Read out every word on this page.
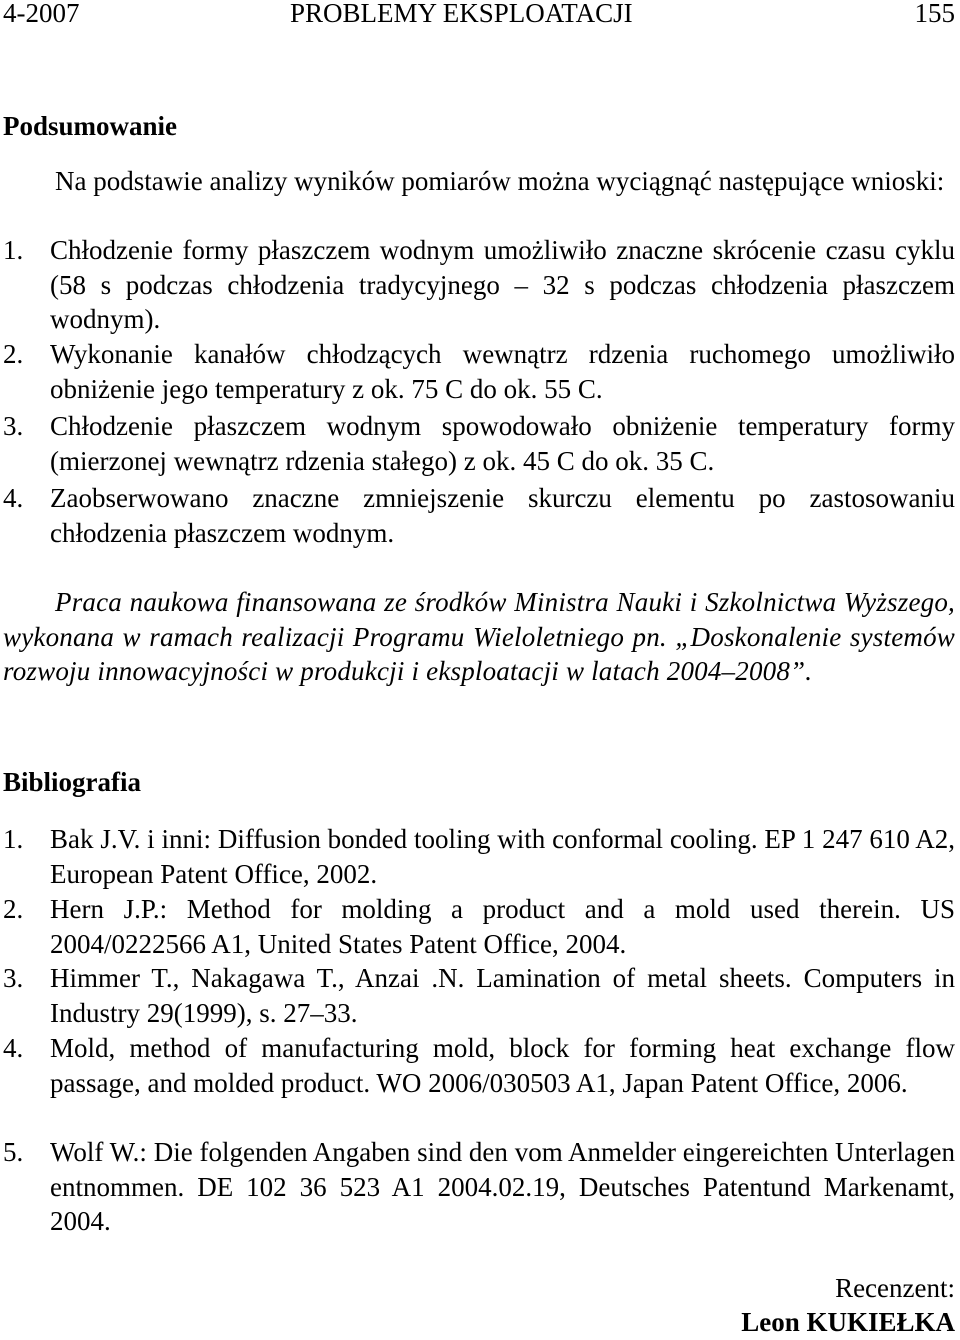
4-2007	PROBLEMY EKSPLOATACJI	155
Podsumowanie

Na podstawie analizy wyników pomiarów można wyciągnąć następujące wnioski:

1. Chłodzenie formy płaszczem wodnym umożliwiło znaczne skrócenie czasu cyklu (58 s podczas chłodzenia tradycyjnego – 32 s podczas chłodzenia płaszczem wodnym).
2. Wykonanie kanałów chłodzących wewnątrz rdzenia ruchomego umożliwiło obniżenie jego temperatury z ok. 75 C do ok. 55 C.
3. Chłodzenie płaszczem wodnym spowodowało obniżenie temperatury formy (mierzonej wewnątrz rdzenia stałego) z ok. 45 C do ok. 35 C.
4. Zaobserwowano znaczne zmniejszenie skurczu elementu po zastosowaniu chłodzenia płaszczem wodnym.
Praca naukowa finansowana ze środków Ministra Nauki i Szkolnictwa Wyższego, wykonana w ramach realizacji Programu Wieloletniego pn. „Doskonalenie systemów rozwoju innowacyjności w produkcji i eksploatacji w latach 2004–2008”.
Bibliografia
1. Bak J.V. i inni: Diffusion bonded tooling with conformal cooling. EP 1 247 610 A2, European Patent Office, 2002.
2. Hern J.P.: Method for molding a product and a mold used therein. US 2004/0222566 A1, United States Patent Office, 2004.
3. Himmer T., Nakagawa T., Anzai .N. Lamination of metal sheets. Computers in Industry 29(1999), s. 27–33.
4. Mold, method of manufacturing mold, block for forming heat exchange flow passage, and molded product. WO 2006/030503 A1, Japan Patent Office, 2006.
5. Wolf W.: Die folgenden Angaben sind den vom Anmelder eingereichten Unterlagen entnommen. DE 102 36 523 A1 2004.02.19, Deutsches Patentund Markenamt, 2004.
Recenzent:
Leon KUKIEŁKA
